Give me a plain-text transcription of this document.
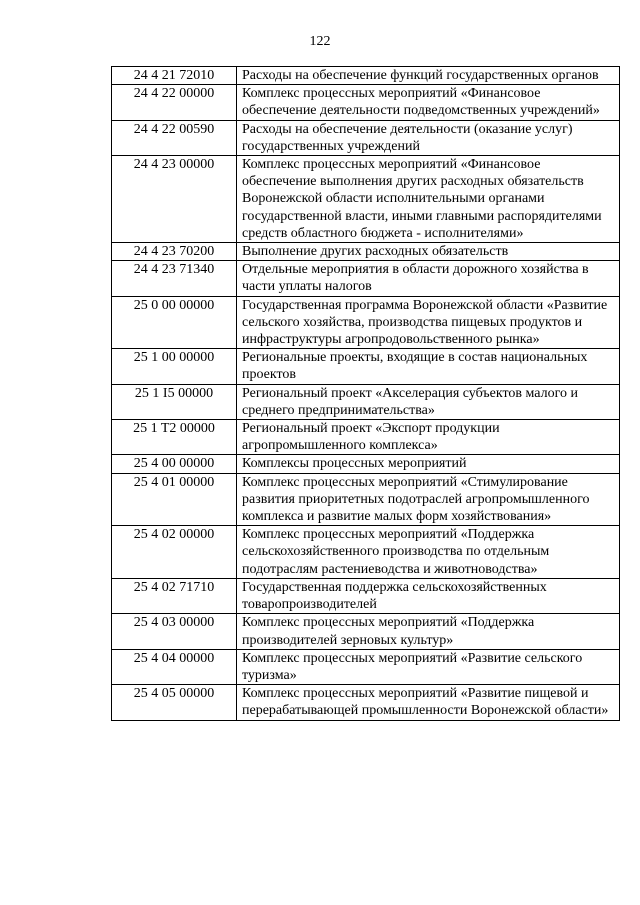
122
24 4 21 72010	Расходы на обеспечение функций государственных органов
24 4 22 00000	Комплекс процессных мероприятий «Финансовое обеспечение деятельности подведомственных учреждений»
24 4 22 00590	Расходы на обеспечение деятельности (оказание услуг) государственных учреждений
24 4 23 00000	Комплекс процессных мероприятий «Финансовое обеспечение выполнения других расходных обязательств Воронежской области исполнительными органами государственной власти, иными главными распорядителями средств областного бюджета - исполнителями»
24 4 23 70200	Выполнение других расходных обязательств
24 4 23 71340	Отдельные мероприятия в области дорожного хозяйства в части уплаты налогов
25 0 00 00000	Государственная программа Воронежской области «Развитие сельского хозяйства, производства пищевых продуктов и инфраструктуры агропродовольственного рынка»
25 1 00 00000	Региональные проекты, входящие в состав национальных проектов
25 1 I5 00000	Региональный проект «Акселерация субъектов малого и среднего предпринимательства»
25 1 T2 00000	Региональный проект «Экспорт продукции агропромышленного комплекса»
25 4 00 00000	Комплексы процессных мероприятий
25 4 01 00000	Комплекс процессных мероприятий «Стимулирование развития приоритетных подотраслей агропромышленного комплекса и развитие малых форм хозяйствования»
25 4 02 00000	Комплекс процессных мероприятий «Поддержка сельскохозяйственного производства по отдельным подотраслям растениеводства и животноводства»
25 4 02 71710	Государственная поддержка сельскохозяйственных товаропроизводителей
25 4 03 00000	Комплекс процессных мероприятий «Поддержка производителей зерновых культур»
25 4 04 00000	Комплекс процессных мероприятий «Развитие сельского туризма»
25 4 05 00000	Комплекс процессных мероприятий «Развитие пищевой и перерабатывающей промышленности Воронежской области»
